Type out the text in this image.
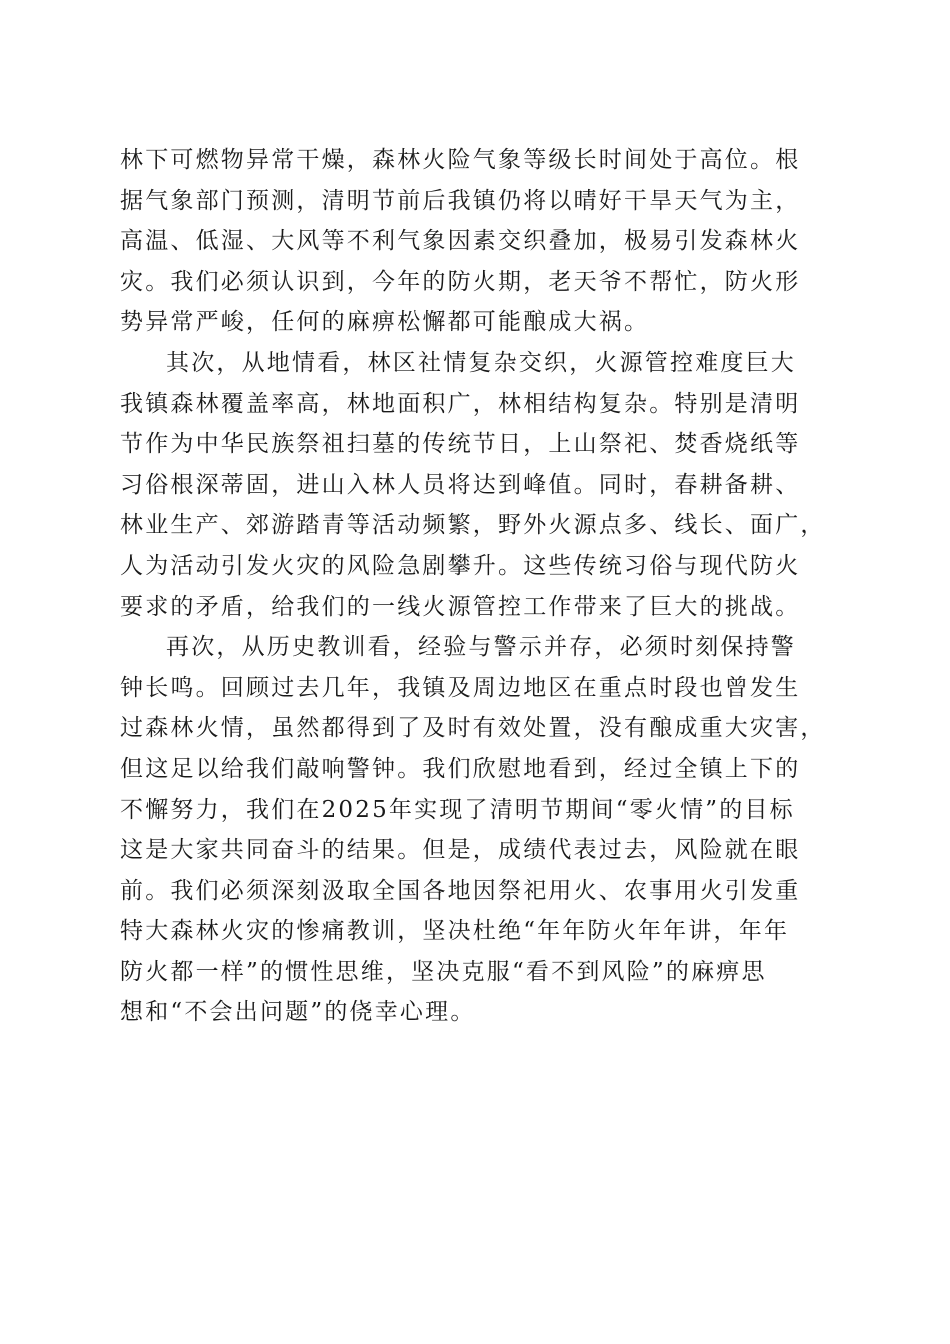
林下可燃物异常干燥，森林火险气象等级长时间处于高位。根
据气象部门预测，清明节前后我镇仍将以晴好干旱天气为主，
高温、低湿、大风等不利气象因素交织叠加，极易引发森林火
灾。我们必须认识到，今年的防火期，老天爷不帮忙，防火形
势异常严峻，任何的麻痹松懈都可能酿成大祸。
其次，从地情看，林区社情复杂交织，火源管控难度巨大
我镇森林覆盖率高，林地面积广，林相结构复杂。特别是清明
节作为中华民族祭祖扫墓的传统节日，上山祭祀、焚香烧纸等
习俗根深蒂固，进山入林人员将达到峰值。同时，春耕备耕、
林业生产、郊游踏青等活动频繁，野外火源点多、线长、面广，
人为活动引发火灾的风险急剧攀升。这些传统习俗与现代防火
要求的矛盾，给我们的一线火源管控工作带来了巨大的挑战。
再次，从历史教训看，经验与警示并存，必须时刻保持警
钟长鸣。回顾过去几年，我镇及周边地区在重点时段也曾发生
过森林火情，虽然都得到了及时有效处置，没有酿成重大灾害，
但这足以给我们敲响警钟。我们欣慰地看到，经过全镇上下的
不懈努力，我们在2025年实现了清明节期间“零火情”的目标
这是大家共同奋斗的结果。但是，成绩代表过去，风险就在眼
前。我们必须深刻汲取全国各地因祭祀用火、农事用火引发重
特大森林火灾的惨痛教训，坚决杜绝“年年防火年年讲，年年
防火都一样”的惯性思维，坚决克服“看不到风险”的麻痹思
想和“不会出问题”的侥幸心理。
